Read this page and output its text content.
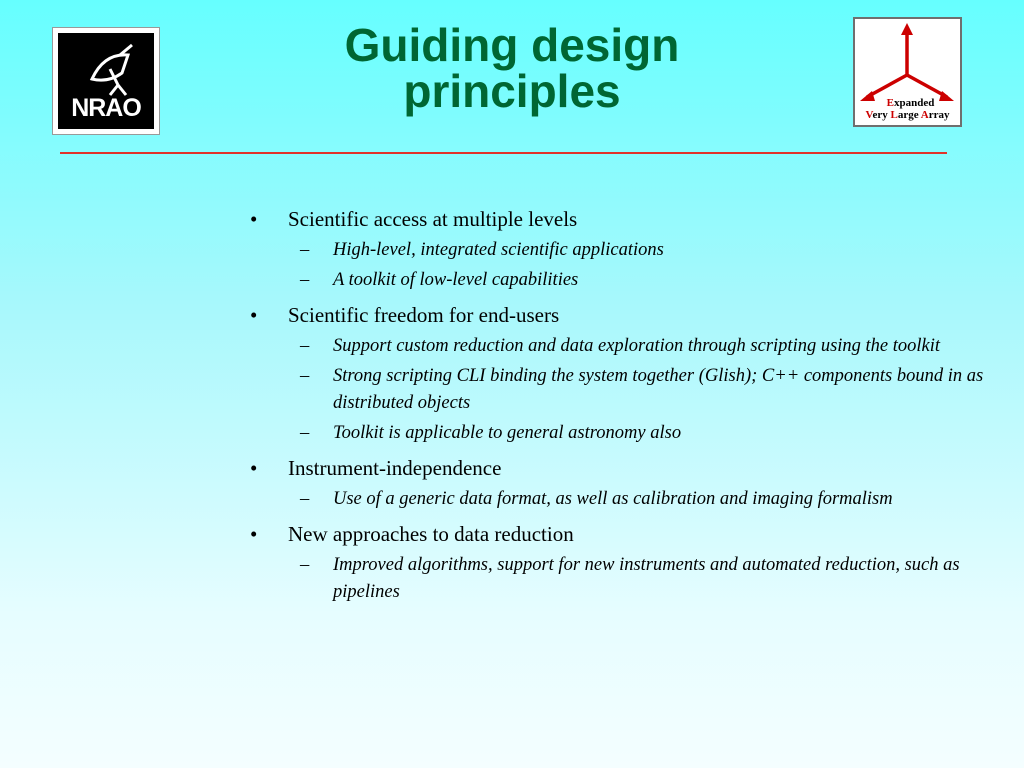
NRAO
Guiding design
principles	Expanded
Very Large Array
• Scientific access at multiple levels
– High-level, integrated scientific applications
– A toolkit of low-level capabilities
• Scientific freedom for end-users
– Support custom reduction and data exploration through scripting using the toolkit
– Strong scripting CLI binding the system together (Glish); C++ components bound in as distributed objects
– Toolkit is applicable to general astronomy also
• Instrument-independence
– Use of a generic data format, as well as calibration and imaging formalism
• New approaches to data reduction
– Improved algorithms, support for new instruments and automated reduction, such as pipelines
